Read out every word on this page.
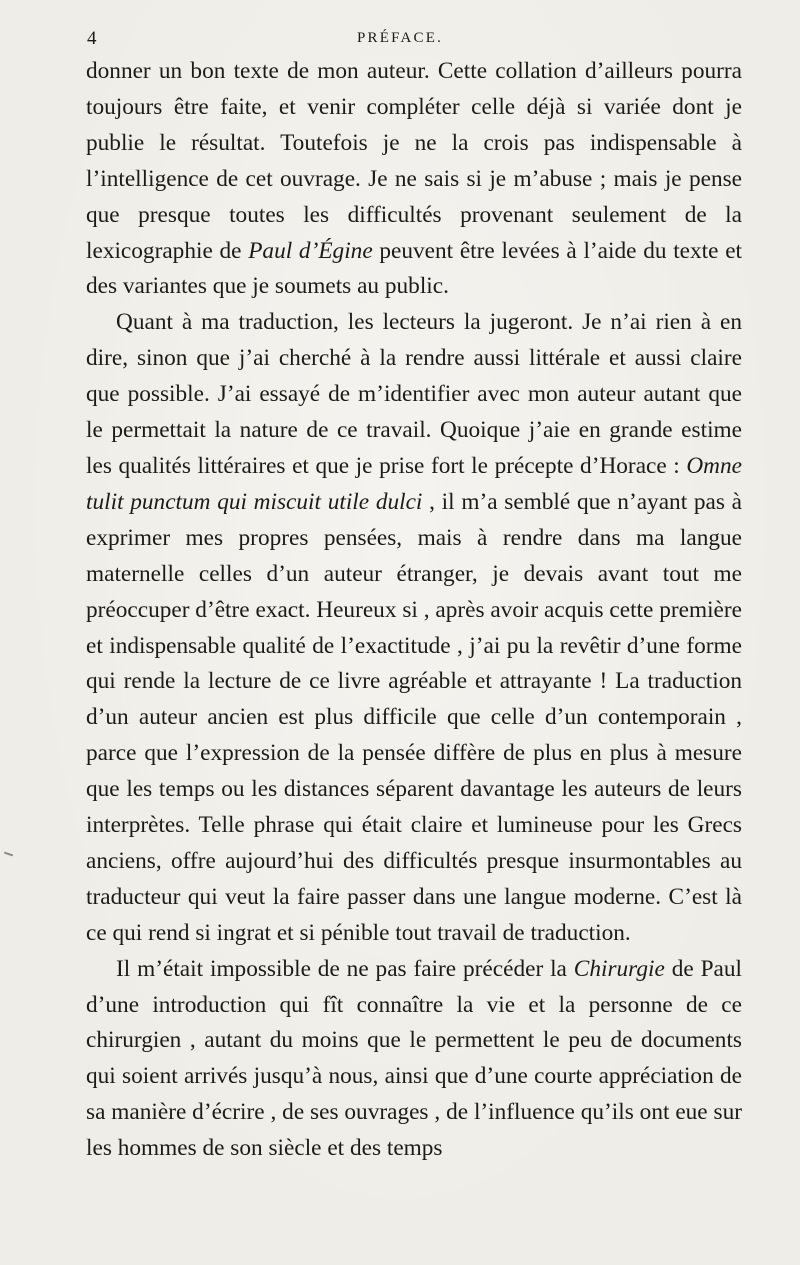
4	PRÉFACE.

donner un bon texte de mon auteur. Cette collation d’ailleurs pourra toujours être faite, et venir compléter celle déjà si variée dont je publie le résultat. Toutefois je ne la crois pas indispensable à l’intelligence de cet ouvrage. Je ne sais si je m’abuse ; mais je pense que presque toutes les difficultés provenant seulement de la lexicographie de Paul d’Égine peuvent être levées à l’aide du texte et des variantes que je soumets au public.

Quant à ma traduction, les lecteurs la jugeront. Je n’ai rien à en dire, sinon que j’ai cherché à la rendre aussi littérale et aussi claire que possible. J’ai essayé de m’identifier avec mon auteur autant que le permettait la nature de ce travail. Quoique j’aie en grande estime les qualités littéraires et que je prise fort le précepte d’Horace : Omne tulit punctum qui miscuit utile dulci , il m’a semblé que n’ayant pas à exprimer mes propres pensées, mais à rendre dans ma langue maternelle celles d’un auteur étranger, je devais avant tout me préoccuper d’être exact. Heureux si , après avoir acquis cette première et indispensable qualité de l’exactitude , j’ai pu la revêtir d’une forme qui rende la lecture de ce livre agréable et attrayante ! La traduction d’un auteur ancien est plus difficile que celle d’un contemporain , parce que l’expression de la pensée diffère de plus en plus à mesure que les temps ou les distances séparent davantage les auteurs de leurs interprètes. Telle phrase qui était claire et lumineuse pour les Grecs anciens, offre aujourd’hui des difficultés presque insurmontables au traducteur qui veut la faire passer dans une langue moderne. C’est là ce qui rend si ingrat et si pénible tout travail de traduction.

Il m’était impossible de ne pas faire précéder la Chirurgie de Paul d’une introduction qui fît connaître la vie et la personne de ce chirurgien , autant du moins que le permettent le peu de documents qui soient arrivés jusqu’à nous, ainsi que d’une courte appréciation de sa manière d’écrire , de ses ouvrages , de l’influence qu’ils ont eue sur les hommes de son siècle et des temps
